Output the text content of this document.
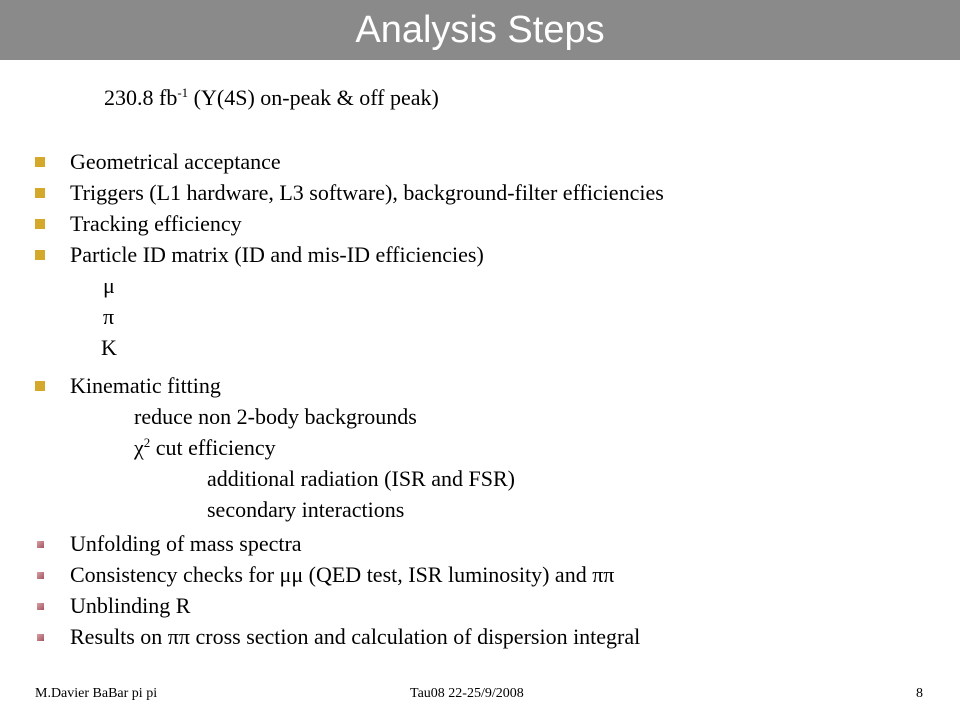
Analysis Steps
230.8 $fb^{-1}$ (Y(4S) on-peak & off peak)
Geometrical acceptance
Triggers (L1 hardware, L3 software), background-filter efficiencies
Tracking efficiency
Particle ID matrix (ID and mis-ID efficiencies)
μ
π
K
Kinematic fitting
reduce non 2-body backgrounds
$\chi^2$ cut efficiency
additional radiation (ISR and FSR)
secondary interactions
Unfolding of mass spectra
Consistency checks for μμ (QED test, ISR luminosity) and ππ
Unblinding R
Results on ππ cross section and calculation of dispersion integral
M.Davier BaBar pi pi	Tau08 22-25/9/2008	8
